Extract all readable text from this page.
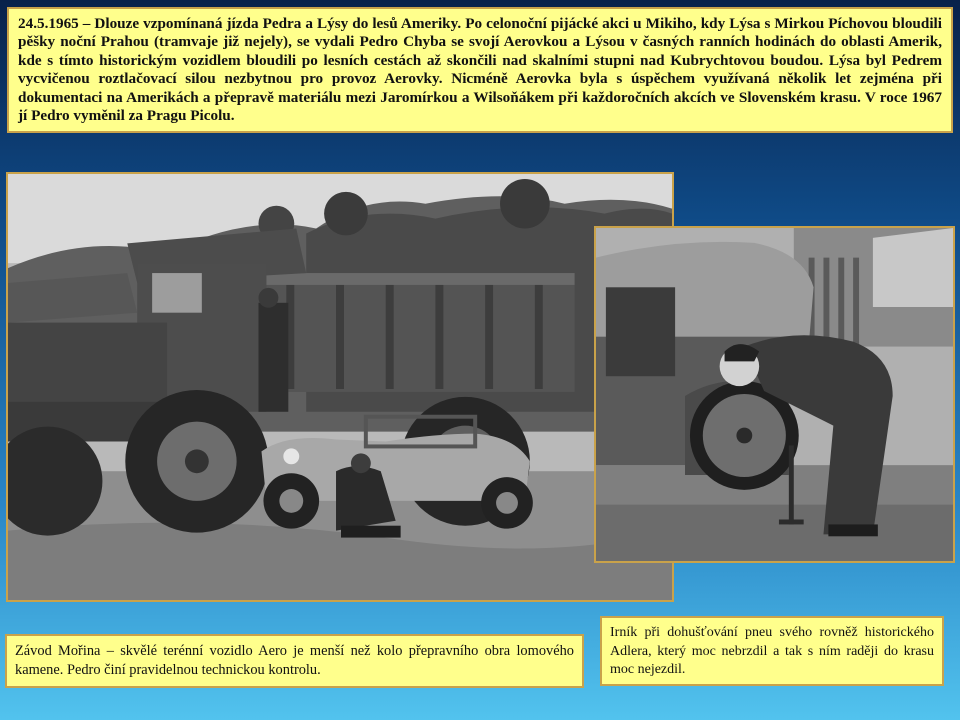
24.5.1965 – Dlouze vzpomínaná jízda Pedra a Lýsy do lesů Ameriky. Po celonoční pijácké akci u Mikiho, kdy Lýsa s Mirkou Píchovou bloudili pěšky noční Prahou (tramvaje již nejely), se vydali Pedro Chyba se svojí Aerovkou a Lýsou v časných ranních hodinách do oblasti Amerik, kde s tímto historickým vozidlem bloudili po lesních cestách až skončili nad skalními stupni nad Kubrychtovou boudou. Lýsa byl Pedrem vycvičenou roztlačovací silou nezbytnou pro provoz Aerovky. Nicméně Aerovka byla s úspěchem využívaná několik let zejména při dokumentaci na Amerikách a přepravě materiálu mezi Jaromírkou a Wilsoňákem při každoročních akcích ve Slovenském krasu. V roce 1967 jí Pedro vyměnil za Pragu Picolu.
Závod Mořina – skvělé terénní vozidlo Aero je menší než kolo přepravního obra lomového kamene. Pedro činí pravidelnou technickou kontrolu.
Irník při dohušťování pneu svého rovněž historického Adlera, který moc nebrzdil a tak s ním raději do krasu moc nejezdil.
